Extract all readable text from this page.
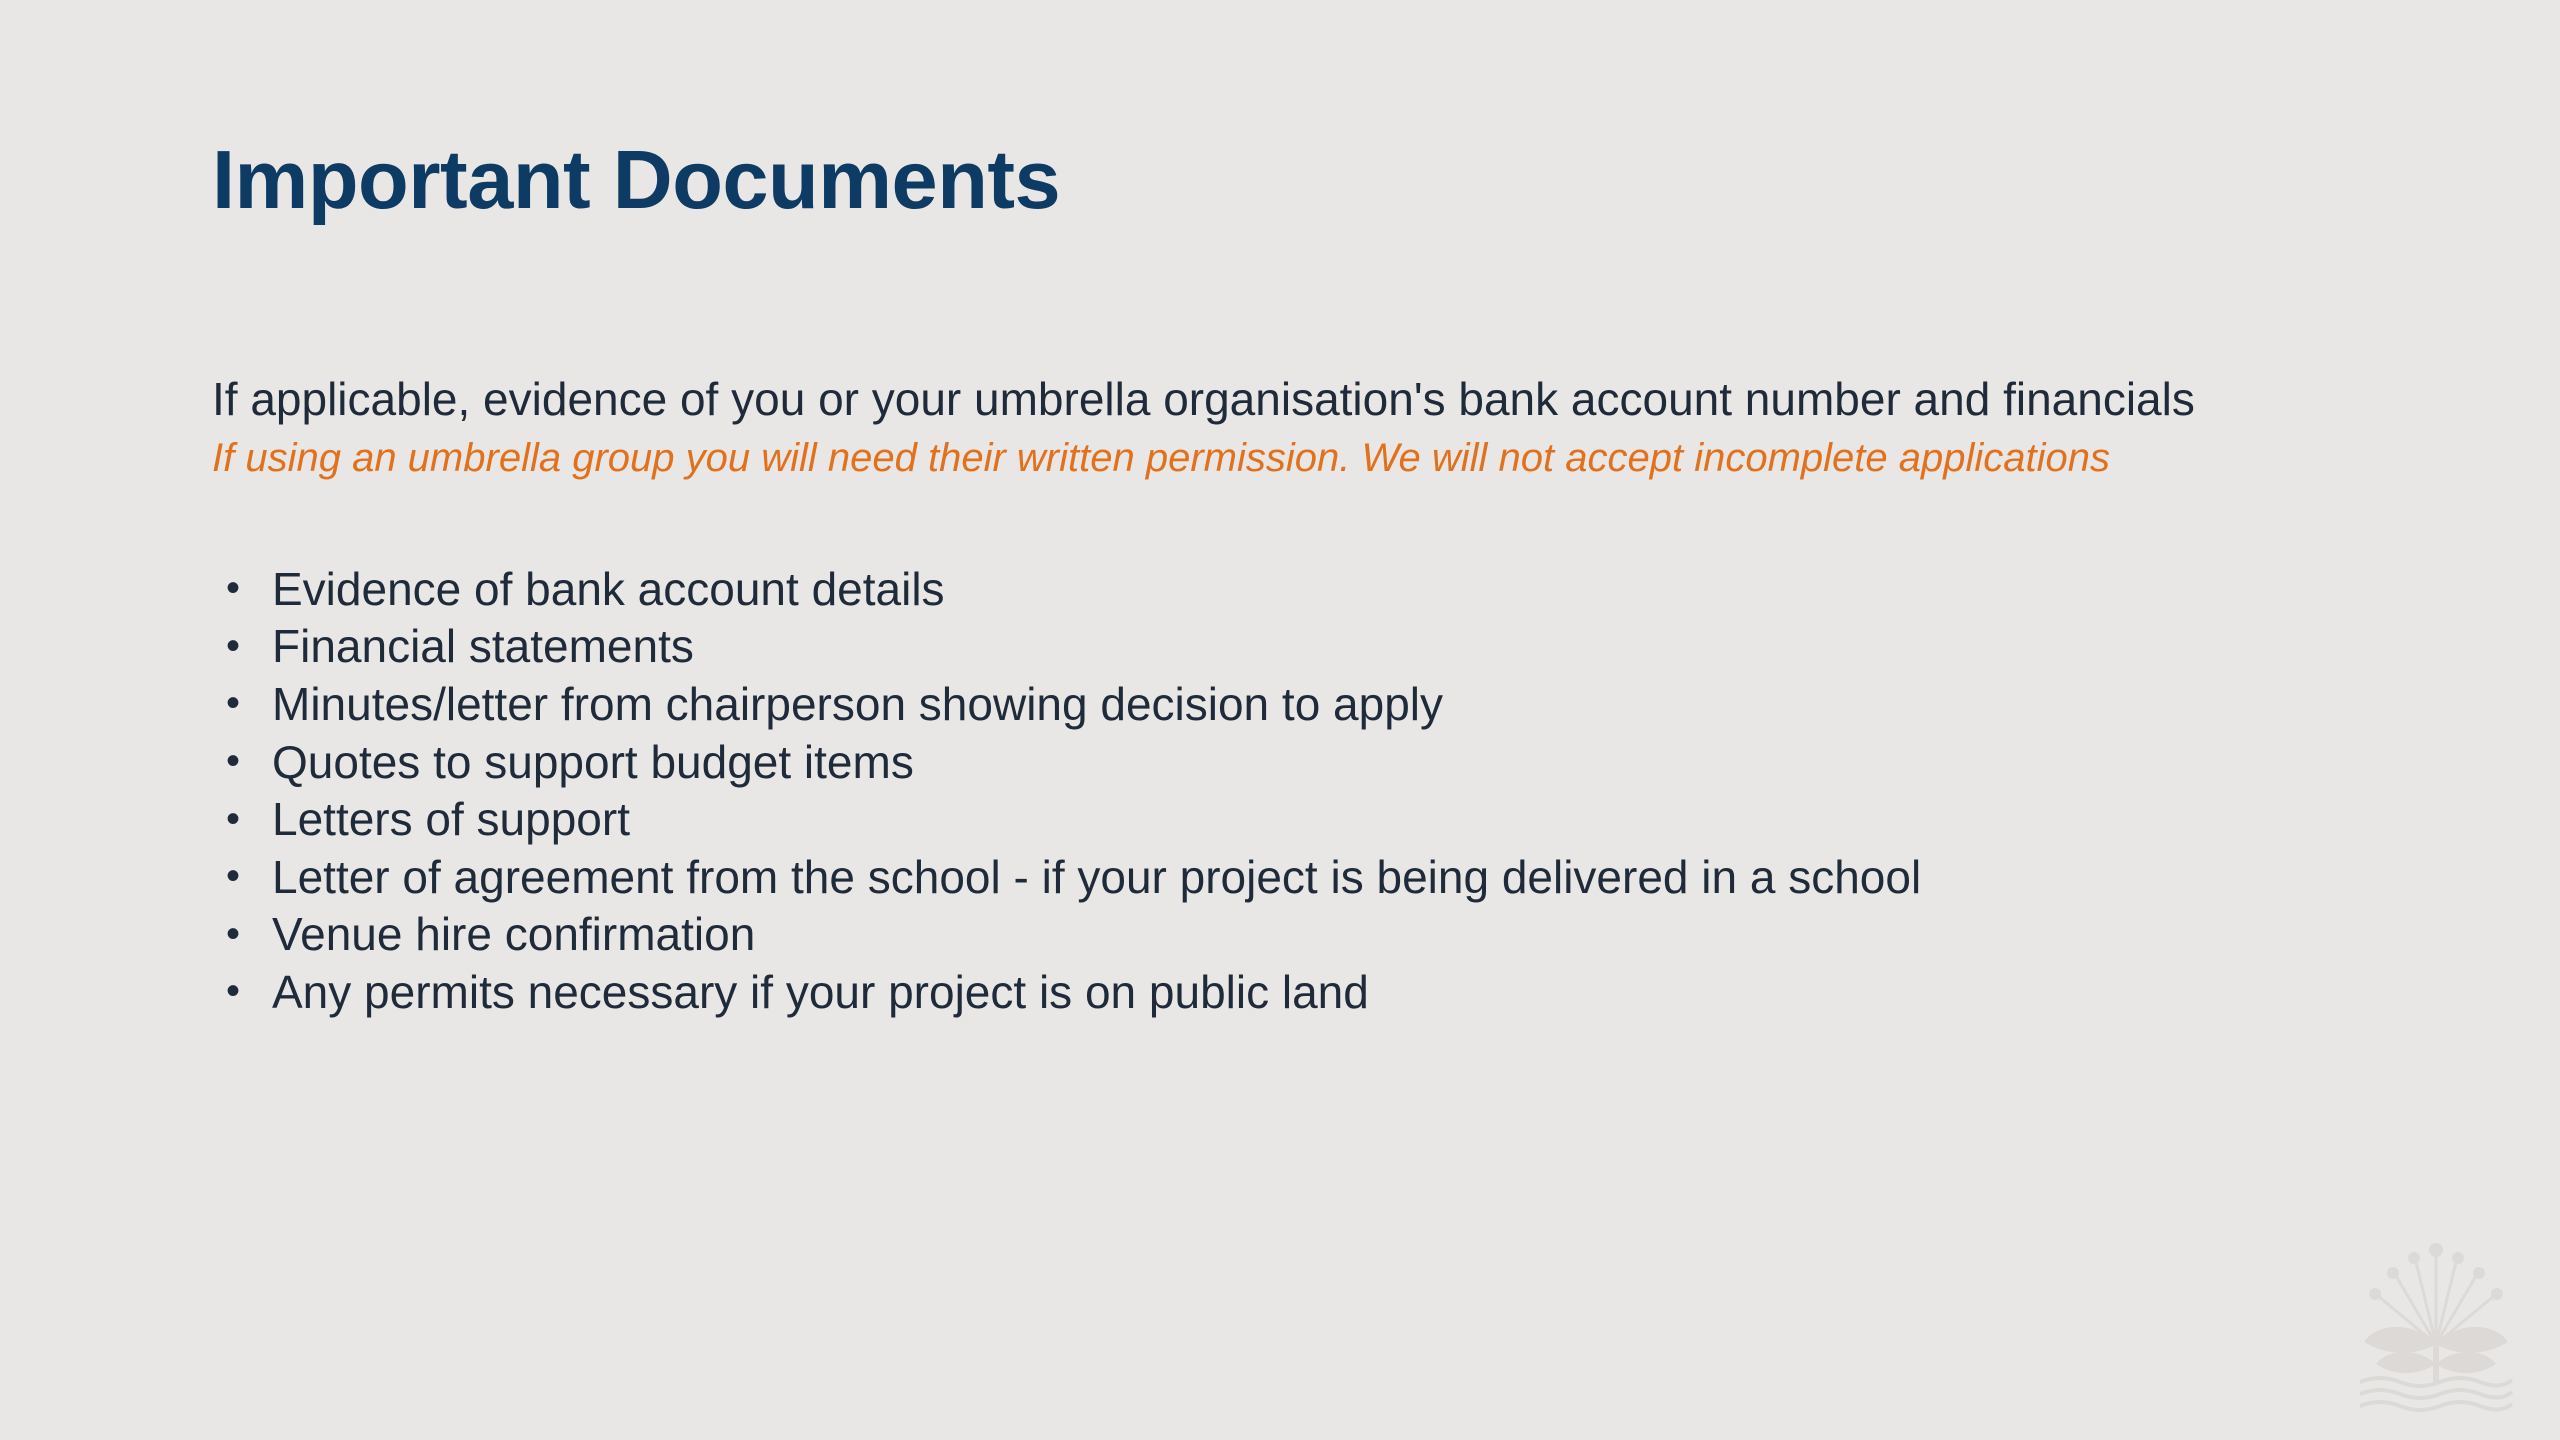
Important Documents

If applicable, evidence of you or your umbrella organisation's bank account number and financials

If using an umbrella group you will need their written permission. We will not accept incomplete applications

• Evidence of bank account details
• Financial statements
• Minutes/letter from chairperson showing decision to apply
• Quotes to support budget items
• Letters of support
• Letter of agreement from the school - if your project is being delivered in a school
• Venue hire confirmation
• Any permits necessary if your project is on public land
